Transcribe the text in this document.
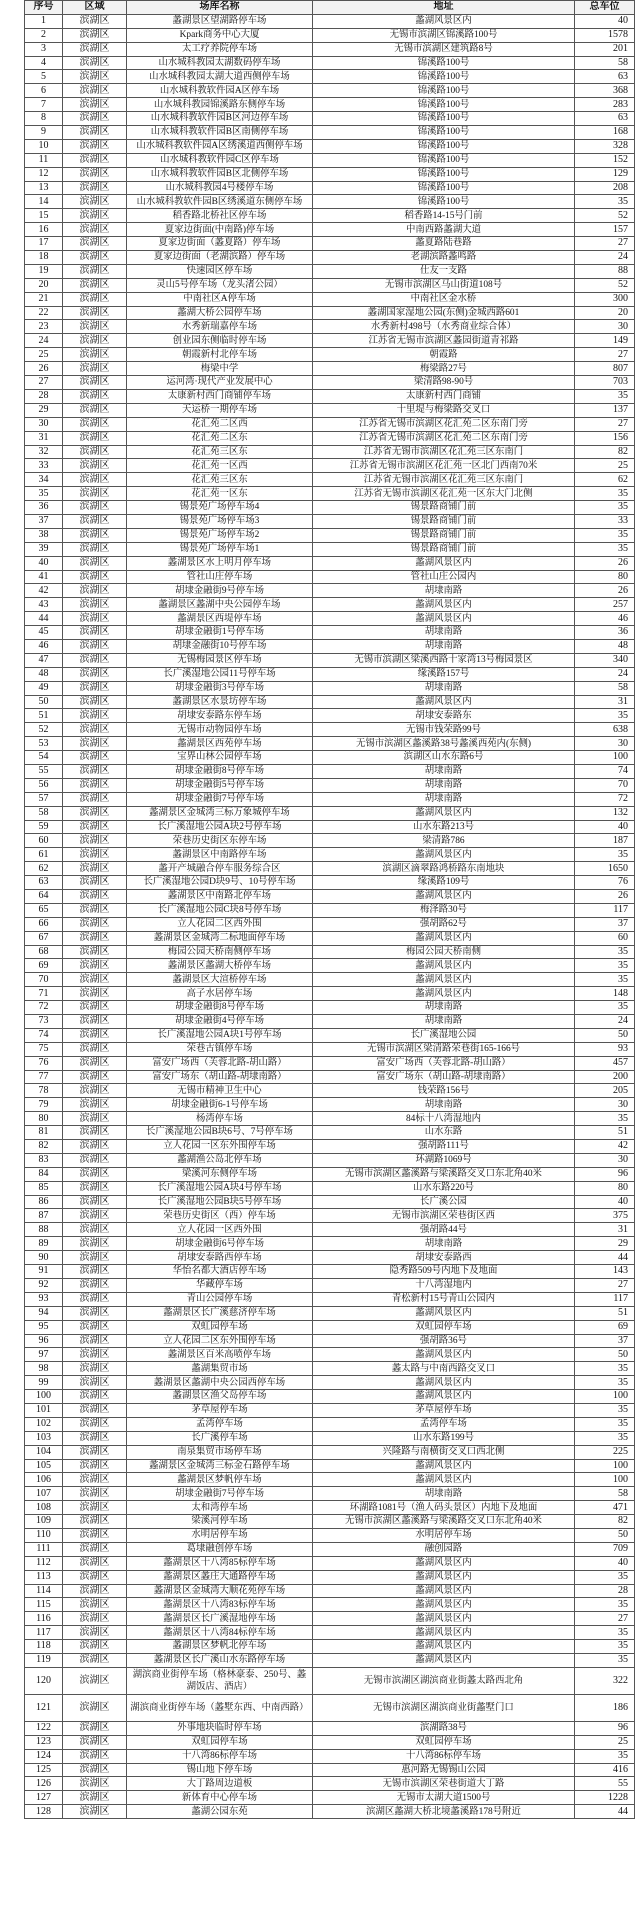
序号	区域	场库名称	地址	总车位
1	滨湖区	蠡湖景区望湖路停车场	蠡湖风景区内	40
2	滨湖区	Kpark商务中心大厦	无锡市滨湖区锦溪路100号	1578
3	滨湖区	太工疗养院停车场	无锡市滨湖区建筑路8号	201
4	滨湖区	山水城科教园太湖数码停车场	锦溪路100号	58
5	滨湖区	山水城科教园太湖大道西侧停车场	锦溪路100号	63
6	滨湖区	山水城科教软件园A区停车场	锦溪路100号	368
7	滨湖区	山水城科教园锦溪路东侧停车场	锦溪路100号	283
8	滨湖区	山水城科教软件园B区河边停车场	锦溪路100号	63
9	滨湖区	山水城科教软件园B区南侧停车场	锦溪路100号	168
10	滨湖区	山水城科教软件园A区绣溪道西侧停车场	锦溪路100号	328
11	滨湖区	山水城科教软件园C区停车场	锦溪路100号	152
12	滨湖区	山水城科教软件园B区北侧停车场	锦溪路100号	129
13	滨湖区	山水城科教园4号楼停车场	锦溪路100号	208
14	滨湖区	山水城科教软件园B区绣溪道东侧停车场	锦溪路100号	35
15	滨湖区	稻香路北桥社区停车场	稻香路14-15号门前	52
16	滨湖区	夏家边街面(中南路)停车场	中南西路蠡湖大道	157
17	滨湖区	夏家边街面（蠡夏路）停车场	蠡夏路陆巷路	27
18	滨湖区	夏家边街面（老湖滨路）停车场	老湖滨路蠡鸣路	24
19	滨湖区	快速园区停车场	仕友一支路	88
20	滨湖区	灵山5号停车场（龙头渚公园）	无锡市滨湖区马山街道108号	52
21	滨湖区	中南社区A停车场	中南社区金水桥	300
22	滨湖区	蠡湖大桥公园停车场	蠡湖国家湿地公园(东侧)金城西路601	20
23	滨湖区	水秀新瑞嘉停车场	水秀新村498号（水秀商业综合体）	30
24	滨湖区	创业园东侧临时停车场	江苏省无锡市滨湖区蠡园街道青祁路	149
25	滨湖区	朝霞新村北停车场	朝霞路	27
26	滨湖区	梅梁中学	梅梁路27号	807
27	滨湖区	运河湾·现代产业发展中心	梁清路98-90号	703
28	滨湖区	太康新村西门商铺停车场	太康新村西门商铺	35
29	滨湖区	天运桥一期停车场	十里堤与梅梁路交叉口	137
30	滨湖区	花汇苑二区西	江苏省无锡市滨湖区花汇苑二区东南门旁	27
31	滨湖区	花汇苑二区东	江苏省无锡市滨湖区花汇苑二区东南门旁	156
32	滨湖区	花汇苑三区东	江苏省无锡市滨湖区花汇苑三区东南门	82
33	滨湖区	花汇苑一区西	江苏省无锡市滨湖区花汇苑一区北门西南70米	25
34	滨湖区	花汇苑三区东	江苏省无锡市滨湖区花汇苑三区东南门	62
35	滨湖区	花汇苑一区东	江苏省无锡市滨湖区花汇苑一区东大门北侧	35
36	滨湖区	锡景苑广场停车场4	锡景路商铺门前	35
37	滨湖区	锡景苑广场停车场3	锡景路商铺门前	33
38	滨湖区	锡景苑广场停车场2	锡景路商铺门前	35
39	滨湖区	锡景苑广场停车场1	锡景路商铺门前	35
40	滨湖区	蠡湖景区水上明月停车场	蠡湖风景区内	26
41	滨湖区	管社山庄停车场	管社山庄公园内	80
42	滨湖区	胡埭金融街9号停车场	胡埭南路	26
43	滨湖区	蠡湖景区蠡湖中央公园停车场	蠡湖风景区内	257
44	滨湖区	蠡湖景区西堤停车场	蠡湖风景区内	46
45	滨湖区	胡埭金融街1号停车场	胡埭南路	36
46	滨湖区	胡埭金融街10号停车场	胡埭南路	48
47	滨湖区	无锡梅园景区停车场	无锡市滨湖区梁溪西路十家湾13号梅园景区	340
48	滨湖区	长广溪湿地公园11号停车场	缘溪路157号	24
49	滨湖区	胡埭金融街3号停车场	胡埭南路	58
50	滨湖区	蠡湖景区水景坊停车场	蠡湖风景区内	31
51	滨湖区	胡埭安泰路东停车场	胡埭安泰路东	35
52	滨湖区	无锡市动物园停车场	无锡市钱荣路99号	638
53	滨湖区	蠡湖景区西苑停车场	无锡市滨湖区蠡溪路38号蠡溪西苑内(东侧)	30
54	滨湖区	宝界山林公园停车场	滨湖区山水东路6号	100
55	滨湖区	胡埭金融街8号停车场	胡埭南路	74
56	滨湖区	胡埭金融街5号停车场	胡埭南路	70
57	滨湖区	胡埭金融街7号停车场	胡埭南路	72
58	滨湖区	蠡湖景区金城湾三标万象城停车场	蠡湖风景区内	132
59	滨湖区	长广溪湿地公园A块2号停车场	山水东路213号	40
60	滨湖区	荣巷历史街区东停车场	梁清路786	187
61	滨湖区	蠡湖景区中南路停车场	蠡湖风景区内	35
62	滨湖区	蠡开产城融合停车服务综合区	滨湖区滴翠路鸿桥路东南地块	1650
63	滨湖区	长广溪湿地公园D块9号、10号停车场	缘溪路109号	76
64	滨湖区	蠡湖景区中南路北停车场	蠡湖风景区内	26
65	滨湖区	长广溪湿地公园C块8号停车场	梅泽路30号	117
66	滨湖区	立人花园二区西外围	强胡路62号	37
67	滨湖区	蠡湖景区金城湾二标地面停车场	蠡湖风景区内	60
68	滨湖区	梅园公园天桥南侧停车场	梅园公园天桥南侧	35
69	滨湖区	蠡湖景区蠡湖大桥停车场	蠡湖风景区内	35
70	滨湖区	蠡湖景区大渲桥停车场	蠡湖风景区内	35
71	滨湖区	高子水居停车场	蠡湖风景区内	148
72	滨湖区	胡埭金融街8号停车场	胡埭南路	35
73	滨湖区	胡埭金融街4号停车场	胡埭南路	24
74	滨湖区	长广溪湿地公园A块1号停车场	长广溪湿地公园	50
75	滨湖区	荣巷古镇停车场	无锡市滨湖区梁清路荣巷街165-166号	93
76	滨湖区	富安广场西（芙蓉北路-胡山路）	富安广场西（芙蓉北路-胡山路）	457
77	滨湖区	富安广场东（胡山路-胡埭南路）	富安广场东（胡山路-胡埭南路）	200
78	滨湖区	无锡市精神卫生中心	钱荣路156号	205
79	滨湖区	胡埭金融街6-1号停车场	胡埭南路	30
80	滨湖区	杨湾停车场	84标十八湾湿地内	35
81	滨湖区	长广溪湿地公园B块6号、7号停车场	山水东路	51
82	滨湖区	立人花园一区东外围停车场	强胡路111号	42
83	滨湖区	蠡湖渔公岛北停车场	环湖路1069号	30
84	滨湖区	梁溪河东侧停车场	无锡市滨湖区蠡溪路与梁溪路交叉口东北角40米	96
85	滨湖区	长广溪湿地公园A块4号停车场	山水东路220号	80
86	滨湖区	长广溪湿地公园B块5号停车场	长广溪公园	40
87	滨湖区	荣巷历史街区（西）停车场	无锡市滨湖区荣巷街区西	375
88	滨湖区	立人花园一区西外围	强胡路44号	31
89	滨湖区	胡埭金融街6号停车场	胡埭南路	29
90	滨湖区	胡埭安泰路西停车场	胡埭安泰路西	44
91	滨湖区	华怡名都大酒店停车场	隐秀路509号内地下及地面	143
92	滨湖区	华藏停车场	十八湾湿地内	27
93	滨湖区	青山公园停车场	青松新村15号青山公园内	117
94	滨湖区	蠡湖景区长广溪慈济停车场	蠡湖风景区内	51
95	滨湖区	双虹园停车场	双虹园停车场	69
96	滨湖区	立人花园二区东外围停车场	强胡路36号	37
97	滨湖区	蠡湖景区百米高喷停车场	蠡湖风景区内	50
98	滨湖区	蠡湖集贸市场	蠡太路与中南西路交叉口	35
99	滨湖区	蠡湖景区蠡湖中央公园西停车场	蠡湖风景区内	35
100	滨湖区	蠡湖景区渔父岛停车场	蠡湖风景区内	100
101	滨湖区	茅草屋停车场	茅草屋停车场	35
102	滨湖区	孟湾停车场	孟湾停车场	35
103	滨湖区	长广溪停车场	山水东路199号	35
104	滨湖区	南泉集贸市场停车场	兴隆路与南横街交叉口西北侧	225
105	滨湖区	蠡湖景区金城湾三标金石路停车场	蠡湖风景区内	100
106	滨湖区	蠡湖景区梦帆停车场	蠡湖风景区内	100
107	滨湖区	胡埭金融街7号停车场	胡埭南路	58
108	滨湖区	太和湾停车场	环湖路1081号（渔人码头景区）内地下及地面	471
109	滨湖区	梁溪河停车场	无锡市滨湖区蠡溪路与梁溪路交叉口东北角40米	82
110	滨湖区	水明居停车场	水明居停车场	50
111	滨湖区	葛埭融创停车场	融创园路	709
112	滨湖区	蠡湖景区十八湾85标停车场	蠡湖风景区内	40
113	滨湖区	蠡湖景区蠡庄大通路停车场	蠡湖风景区内	35
114	滨湖区	蠡湖景区金城湾大顺花苑停车场	蠡湖风景区内	28
115	滨湖区	蠡湖景区十八湾83标停车场	蠡湖风景区内	35
116	滨湖区	蠡湖景区长广溪湿地停车场	蠡湖风景区内	27
117	滨湖区	蠡湖景区十八湾84标停车场	蠡湖风景区内	35
118	滨湖区	蠡湖景区梦帆北停车场	蠡湖风景区内	35
119	滨湖区	蠡湖景区长广溪山水东路停车场	蠡湖风景区内	35
120	滨湖区	湖滨商业街停车场（格林豪泰、250号、蠡湖饭店、酒店）	无锡市滨湖区湖滨商业街蠡太路西北角	322
121	滨湖区	湖滨商业街停车场（蠡墅东西、中南西路）	无锡市滨湖区湖滨商业街蠡墅门口	186
122	滨湖区	外事地块临时停车场	滨湖路38号	96
123	滨湖区	双虹园停车场	双虹园停车场	25
124	滨湖区	十八湾86标停车场	十八湾86标停车场	35
125	滨湖区	锡山地下停车场	惠河路无锡锡山公园	416
126	滨湖区	大丁路周边道板	无锡市滨湖区荣巷街道大丁路	55
127	滨湖区	新体育中心停车场	无锡市太湖大道1500号	1228
128	滨湖区	蠡湖公园东苑	滨湖区蠡湖大桥北境蠡溪路178号附近	44
